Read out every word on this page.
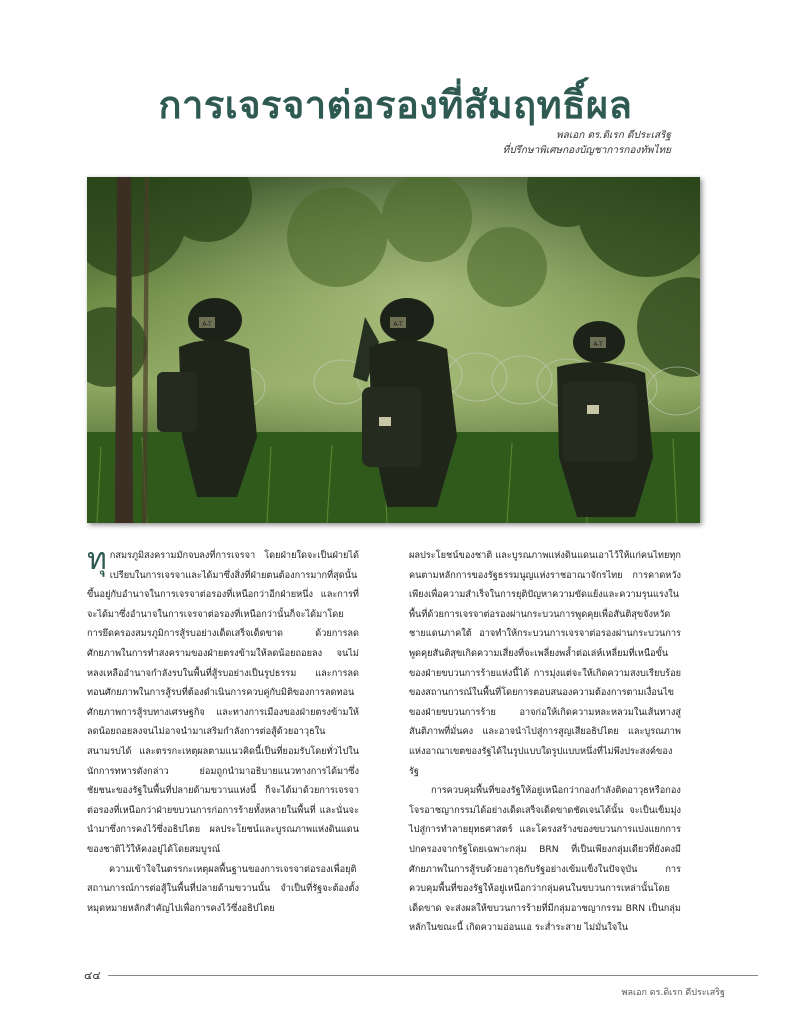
การเจรจาต่อรองที่สัมฤทธิ์ผล
พลเอก ดร.ดิเรก ดีประเสริฐ
ที่ปรึกษาพิเศษกองบัญชาการกองทัพไทย
A-T	A-T
A-T

ทุกสมรภูมิสงครามมักจบลงที่การเจรจา โดยฝ่ายใดจะเป็นฝ่ายได้เปรียบในการเจรจาและได้มาซึ่งสิ่งที่ฝ่ายตนต้องการมากที่สุดนั้นขึ้นอยู่กับอำนาจในการเจรจาต่อรองที่เหนือกว่าอีกฝ่ายหนึ่ง และการที่จะได้มาซึ่งอำนาจในการเจรจาต่อรองที่เหนือกว่านั้นก็จะได้มาโดยการยึดครองสมรภูมิการสู้รบอย่างเด็ดเสร็จเด็ดขาด ด้วยการลดศักยภาพในการทำสงครามของฝ่ายตรงข้ามให้ลดน้อยถอยลง จนไม่หลงเหลืออำนาจกำลังรบในพื้นที่สู้รบอย่างเป็นรูปธรรม และการลดทอนศักยภาพในการสู้รบที่ต้องดำเนินการควบคู่กับมิติของการลดทอนศักยภาพการสู้รบทางเศรษฐกิจ และทางการเมืองของฝ่ายตรงข้ามให้ลดน้อยถอยลงจนไม่อาจนำมาเสริมกำลังการต่อสู้ด้วยอาวุธในสนามรบได้ และตรรกะเหตุผลตามแนวคิดนี้เป็นที่ยอมรับโดยทั่วไปในนักการทหารดังกล่าว ย่อมถูกนำมาอธิบายแนวทางการได้มาซึ่งชัยชนะของรัฐในพื้นที่ปลายด้ามขวานแห่งนี้ ก็จะได้มาด้วยการเจรจาต่อรองที่เหนือกว่าฝ่ายขบวนการก่อการร้ายทั้งหลายในพื้นที่ และนั่นจะนำมาซึ่งการคงไว้ซึ่งอธิปไตย ผลประโยชน์และบูรณภาพแห่งดินแดนของชาติไว้ให้คงอยู่ได้โดยสมบูรณ์

ความเข้าใจในตรรกะเหตุผลพื้นฐานของการเจรจาต่อรองเพื่อยุติสถานการณ์การต่อสู้ในพื้นที่ปลายด้ามขวานนั้น จำเป็นที่รัฐจะต้องตั้งหมุดหมายหลักสำคัญไปเพื่อการคงไว้ซึ่งอธิปไตย

ผลประโยชน์ของชาติ และบูรณภาพแห่งดินแดนเอาไว้ให้แก่คนไทยทุกคนตามหลักการของรัฐธรรมนูญแห่งราชอาณาจักรไทย การคาดหวังเพียงเพื่อความสำเร็จในการยุติปัญหาความขัดแย้งและความรุนแรงในพื้นที่ด้วยการเจรจาต่อรองผ่านกระบวนการพูดคุยเพื่อสันติสุขจังหวัดชายแดนภาคใต้ อาจทำให้กระบวนการเจรจาต่อรองผ่านกระบวนการพูดคุยสันติสุขเกิดความเสี่ยงที่จะเพลี่ยงพล้ำต่อเล่ห์เหลี่ยมที่เหนือขั้นของฝ่ายขบวนการร้ายแห่งนี้ได้ การมุ่งแต่จะให้เกิดความสงบเรียบร้อยของสถานการณ์ในพื้นที่โดยการตอบสนองความต้องการตามเงื่อนไขของฝ่ายขบวนการร้าย อาจก่อให้เกิดความหละหลวมในเส้นทางสู่สันติภาพที่มั่นคง และอาจนำไปสู่การสูญเสียอธิปไตย และบูรณภาพแห่งอาณาเขตของรัฐได้ในรูปแบบใดรูปแบบหนึ่งที่ไม่พึงประสงค์ของรัฐ

การควบคุมพื้นที่ของรัฐให้อยู่เหนือกว่ากองกำลังติดอาวุธหรือกองโจรอาชญากรรมได้อย่างเด็ดเสร็จเด็ดขาดชัดเจนได้นั้น จะเป็นเข็มมุ่งไปสู่การทำลายยุทธศาสตร์ และโครงสร้างของขบวนการแบ่งแยกการปกครองจากรัฐโดยเฉพาะกลุ่ม BRN ที่เป็นเพียงกลุ่มเดียวที่ยังคงมีศักยภาพในการสู้รบด้วยอาวุธกับรัฐอย่างเข้มแข็งในปัจจุบัน การควบคุมพื้นที่ของรัฐให้อยู่เหนือกว่ากลุ่มคนในขบวนการเหล่านั้นโดยเด็ดขาด จะส่งผลให้ขบวนการร้ายที่มีกลุ่มอาชญากรรม BRN เป็นกลุ่มหลักในขณะนี้ เกิดความอ่อนแอ ระส่ำระสาย ไม่มั่นใจใน

๔๔
พลเอก ดร.ดิเรก ดีประเสริฐ
